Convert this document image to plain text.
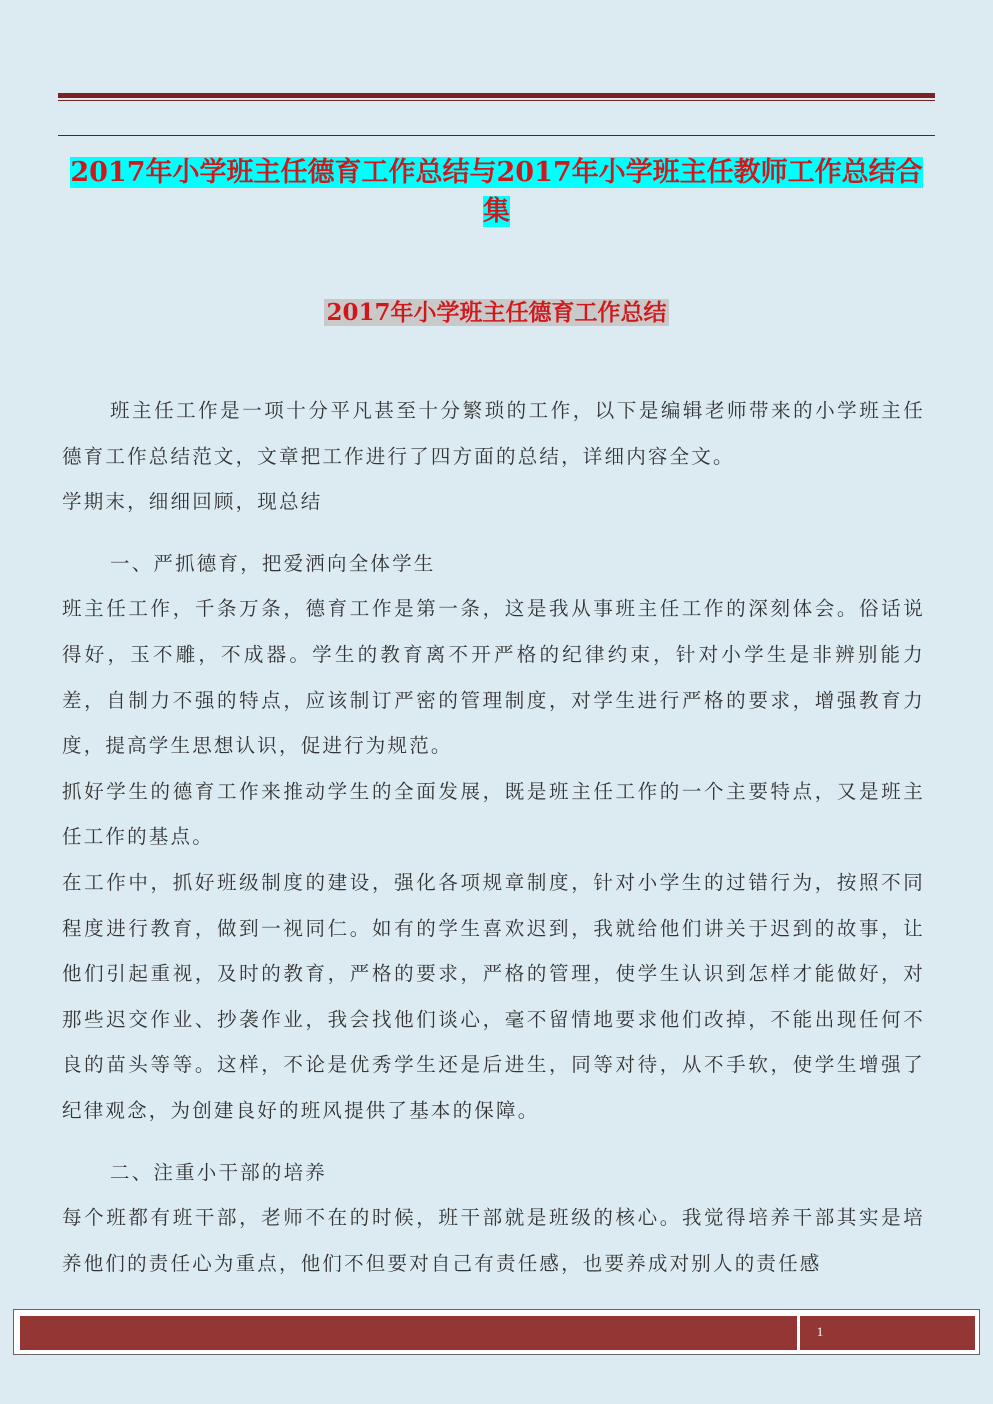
2017年小学班主任德育工作总结与2017年小学班主任教师工作总结合集
2017年小学班主任德育工作总结

班主任工作是一项十分平凡甚至十分繁琐的工作，以下是编辑老师带来的小学班主任德育工作总结范文，文章把工作进行了四方面的总结，详细内容全文。

学期末，细细回顾，现总结

一、严抓德育，把爱洒向全体学生

班主任工作，千条万条，德育工作是第一条，这是我从事班主任工作的深刻体会。俗话说得好，玉不雕，不成器。学生的教育离不开严格的纪律约束，针对小学生是非辨别能力差，自制力不强的特点，应该制订严密的管理制度，对学生进行严格的要求，增强教育力度，提高学生思想认识，促进行为规范。

抓好学生的德育工作来推动学生的全面发展，既是班主任工作的一个主要特点，又是班主任工作的基点。

在工作中，抓好班级制度的建设，强化各项规章制度，针对小学生的过错行为，按照不同程度进行教育，做到一视同仁。如有的学生喜欢迟到，我就给他们讲关于迟到的故事，让他们引起重视，及时的教育，严格的要求，严格的管理，使学生认识到怎样才能做好，对那些迟交作业、抄袭作业，我会找他们谈心，毫不留情地要求他们改掉，不能出现任何不良的苗头等等。这样，不论是优秀学生还是后进生，同等对待，从不手软，使学生增强了纪律观念，为创建良好的班风提供了基本的保障。

二、注重小干部的培养

每个班都有班干部，老师不在的时候，班干部就是班级的核心。我觉得培养干部其实是培养他们的责任心为重点，他们不但要对自己有责任感，也要养成对别人的责任感

1
